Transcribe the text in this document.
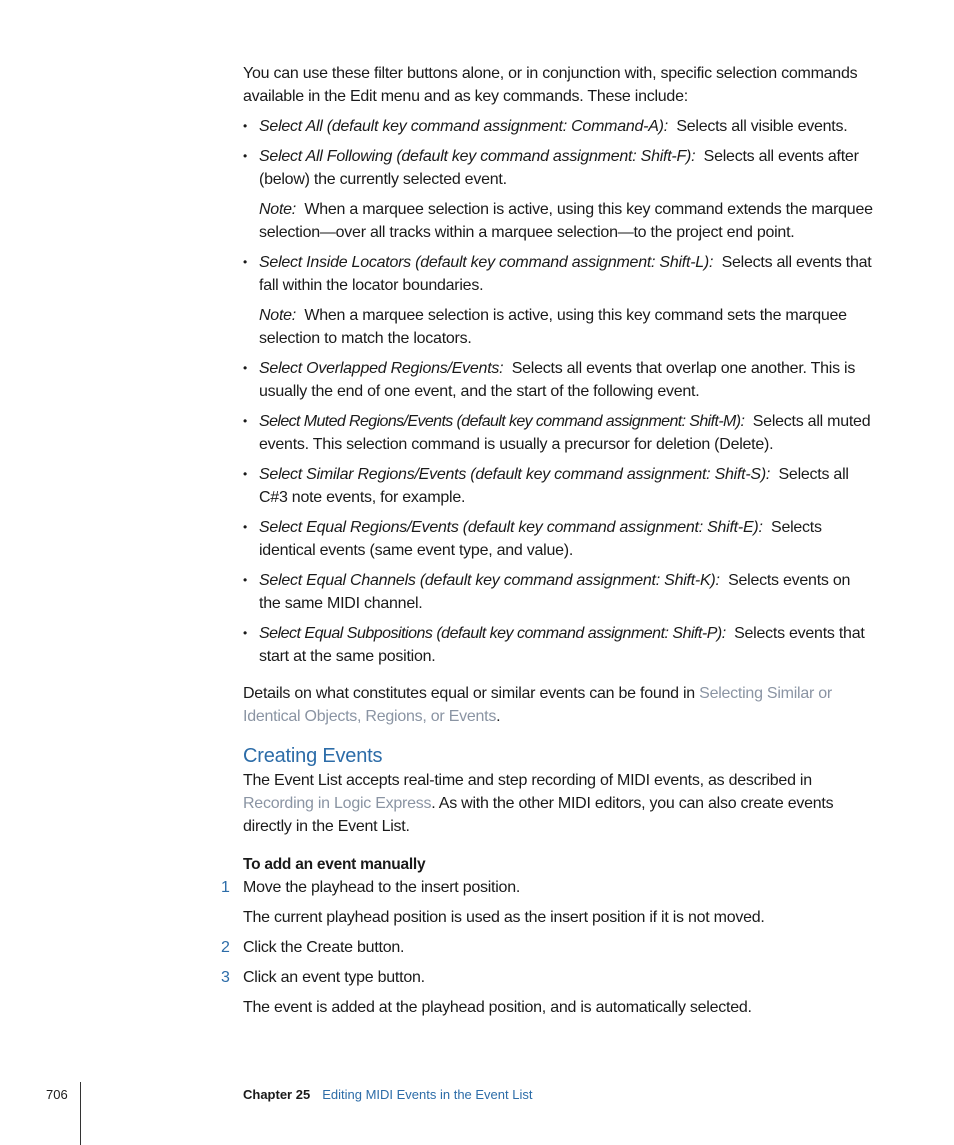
You can use these filter buttons alone, or in conjunction with, specific selection commands available in the Edit menu and as key commands. These include:

• Select All (default key command assignment: Command-A): Selects all visible events.
• Select All Following (default key command assignment: Shift-F): Selects all events after (below) the currently selected event.

Note: When a marquee selection is active, using this key command extends the marquee selection—over all tracks within a marquee selection—to the project end point.

• Select Inside Locators (default key command assignment: Shift-L): Selects all events that fall within the locator boundaries.

Note: When a marquee selection is active, using this key command sets the marquee selection to match the locators.

• Select Overlapped Regions/Events: Selects all events that overlap one another. This is usually the end of one event, and the start of the following event.
• Select Muted Regions/Events (default key command assignment: Shift-M): Selects all muted events. This selection command is usually a precursor for deletion (Delete).
• Select Similar Regions/Events (default key command assignment: Shift-S): Selects all C#3 note events, for example.
• Select Equal Regions/Events (default key command assignment: Shift-E): Selects identical events (same event type, and value).
• Select Equal Channels (default key command assignment: Shift-K): Selects events on the same MIDI channel.
• Select Equal Subpositions (default key command assignment: Shift-P): Selects events that start at the same position.

Details on what constitutes equal or similar events can be found in Selecting Similar or Identical Objects, Regions, or Events.

Creating Events

The Event List accepts real-time and step recording of MIDI events, as described in Recording in Logic Express. As with the other MIDI editors, you can also create events directly in the Event List.

To add an event manually

1 Move the playhead to the insert position.

The current playhead position is used as the insert position if it is not moved.

2 Click the Create button.
3 Click an event type button.

The event is added at the playhead position, and is automatically selected.

706	Chapter 25 Editing MIDI Events in the Event List
